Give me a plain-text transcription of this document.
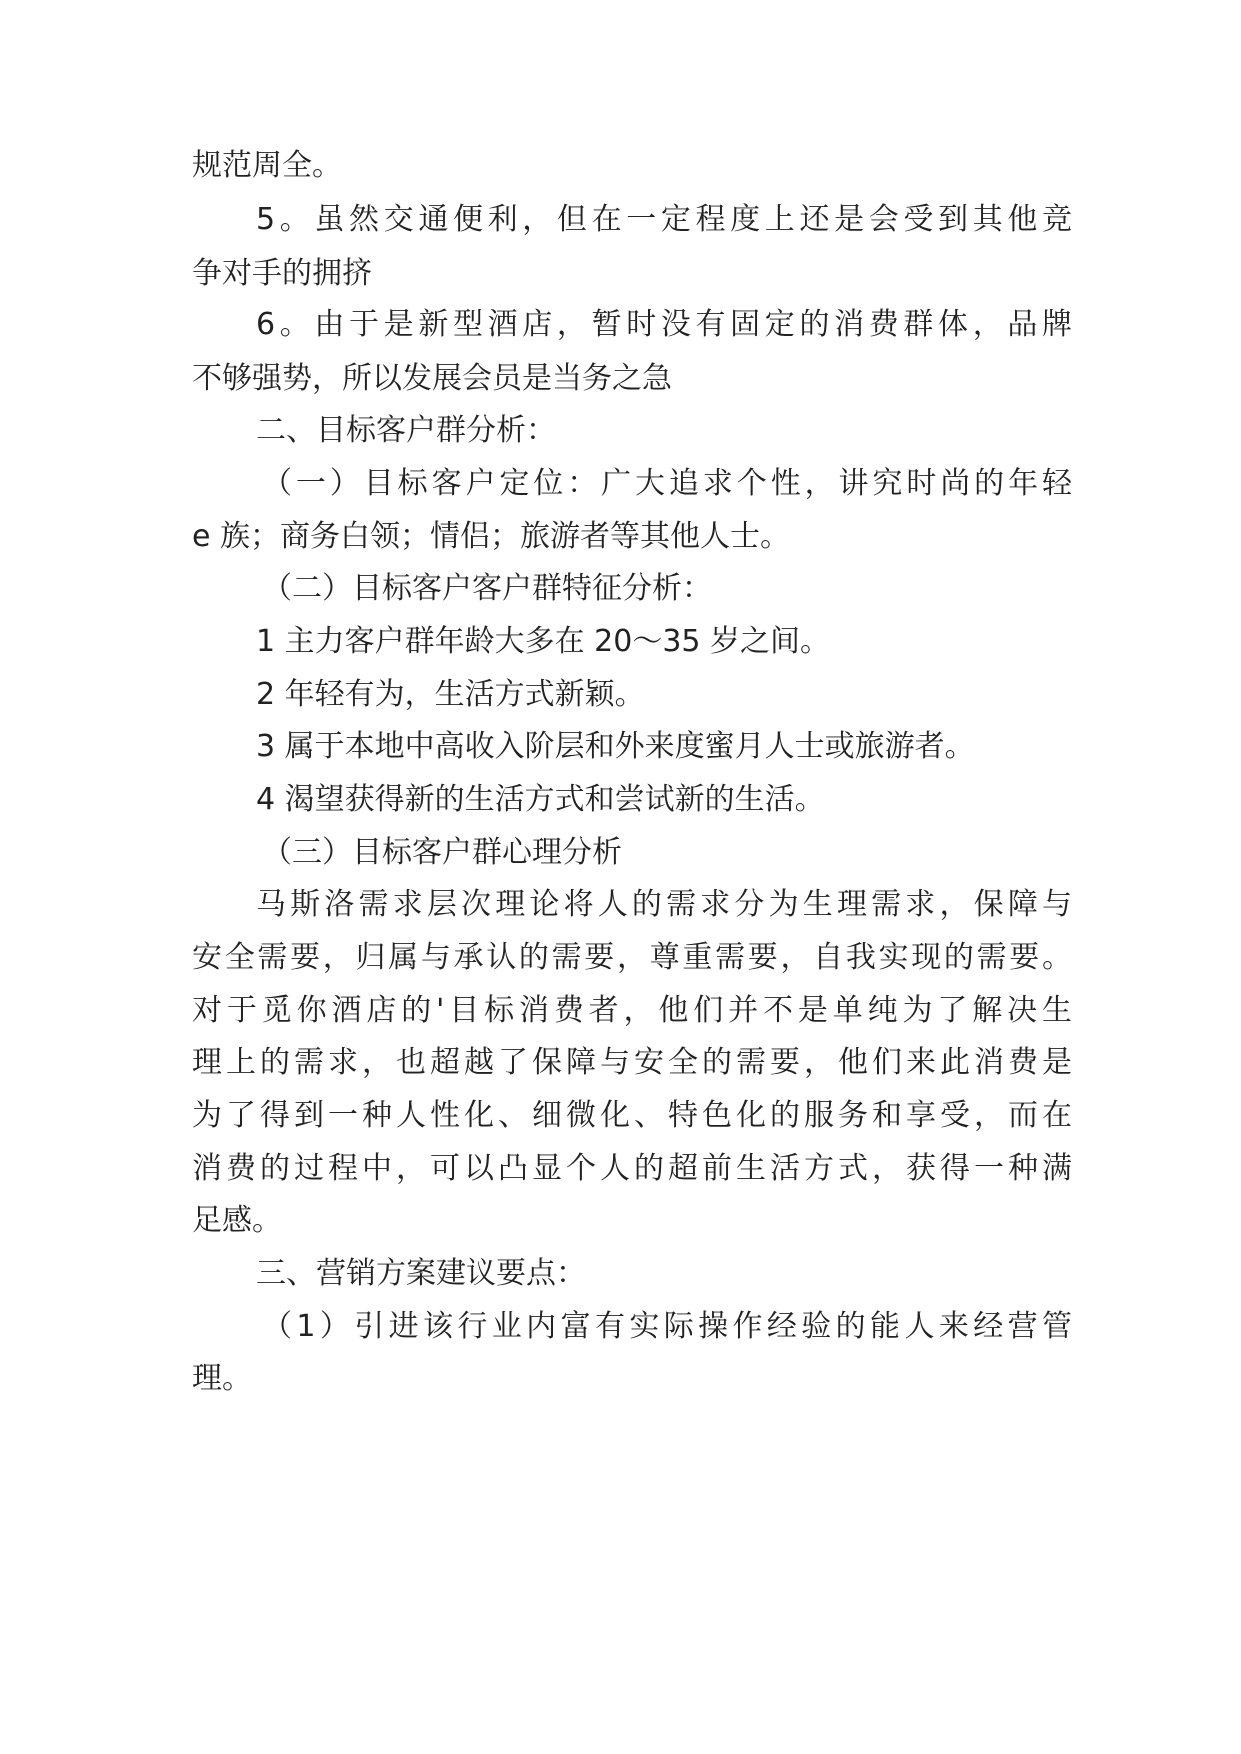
规范周全。
5。虽然交通便利，但在一定程度上还是会受到其他竞
争对手的拥挤
6。由于是新型酒店，暂时没有固定的消费群体，品牌
不够强势，所以发展会员是当务之急
二、目标客户群分析：
（一）目标客户定位：广大追求个性，讲究时尚的年轻
e 族；商务白领；情侣；旅游者等其他人士。
（二）目标客户客户群特征分析：
1 主力客户群年龄大多在 20～35 岁之间。
2 年轻有为，生活方式新颖。
3 属于本地中高收入阶层和外来度蜜月人士或旅游者。
4 渴望获得新的生活方式和尝试新的生活。
（三）目标客户群心理分析
马斯洛需求层次理论将人的需求分为生理需求，保障与
安全需要，归属与承认的需要，尊重需要，自我实现的需要。
对于觅你酒店的'目标消费者，他们并不是单纯为了解决生
理上的需求，也超越了保障与安全的需要，他们来此消费是
为了得到一种人性化、细微化、特色化的服务和享受，而在
消费的过程中，可以凸显个人的超前生活方式，获得一种满
足感。
三、营销方案建议要点：
（1）引进该行业内富有实际操作经验的能人来经营管
理。
